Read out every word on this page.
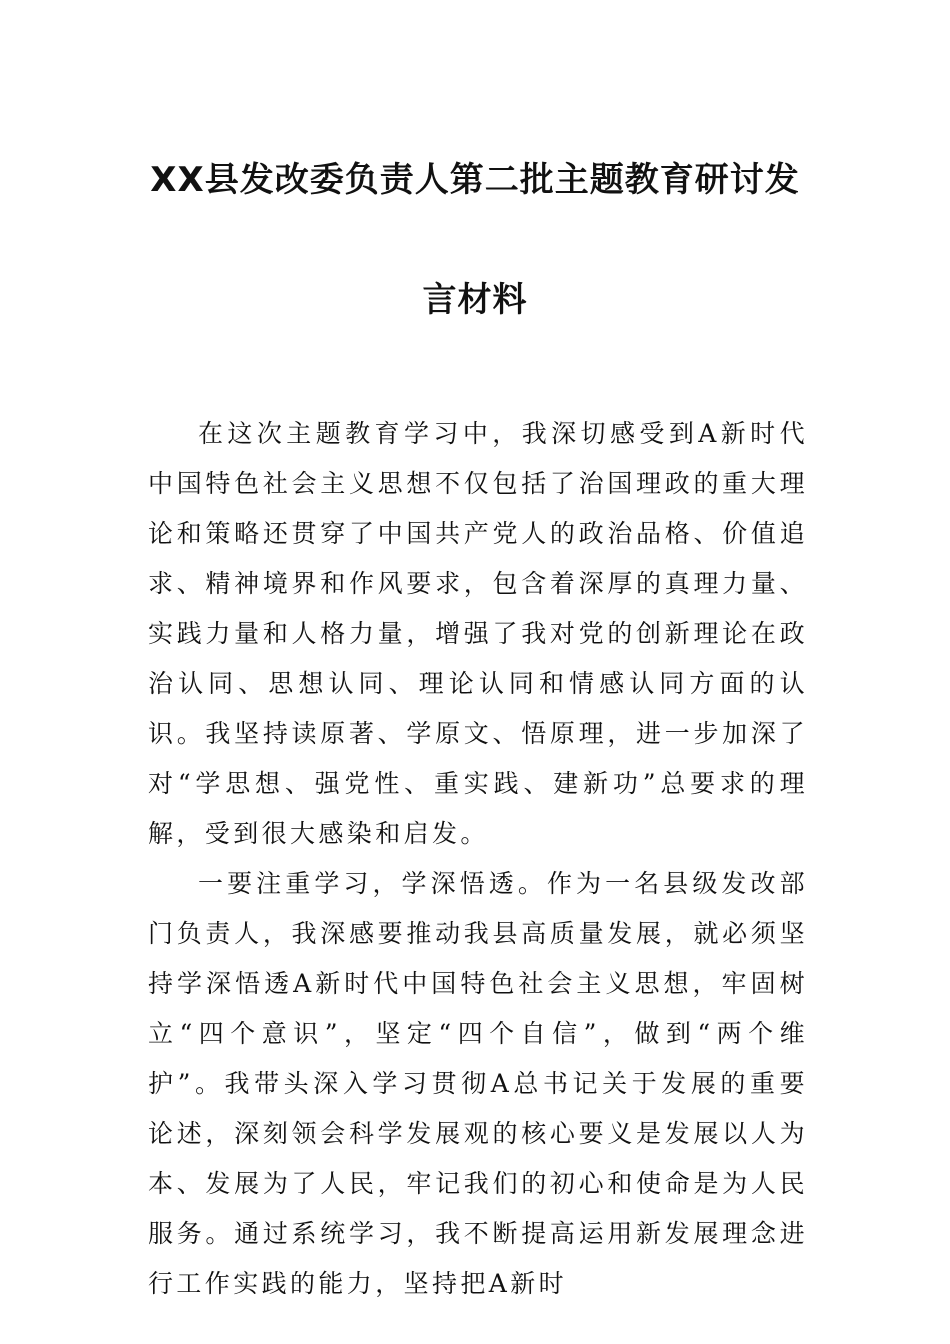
XX县发改委负责人第二批主题教育研讨发
言材料

在这次主题教育学习中，我深切感受到A新时代中国特色社会主义思想不仅包括了治国理政的重大理论和策略还贯穿了中国共产党人的政治品格、价值追求、精神境界和作风要求，包含着深厚的真理力量、实践力量和人格力量，增强了我对党的创新理论在政治认同、思想认同、理论认同和情感认同方面的认识。我坚持读原著、学原文、悟原理，进一步加深了对“学思想、强党性、重实践、建新功”总要求的理解，受到很大感染和启发。

一要注重学习，学深悟透。作为一名县级发改部门负责人，我深感要推动我县高质量发展，就必须坚持学深悟透A新时代中国特色社会主义思想，牢固树立“四个意识”，坚定“四个自信”，做到“两个维护”。我带头深入学习贯彻A总书记关于发展的重要论述，深刻领会科学发展观的核心要义是发展以人为本、发展为了人民，牢记我们的初心和使命是为人民服务。通过系统学习，我不断提高运用新发展理念进行工作实践的能力，坚持把A新时
